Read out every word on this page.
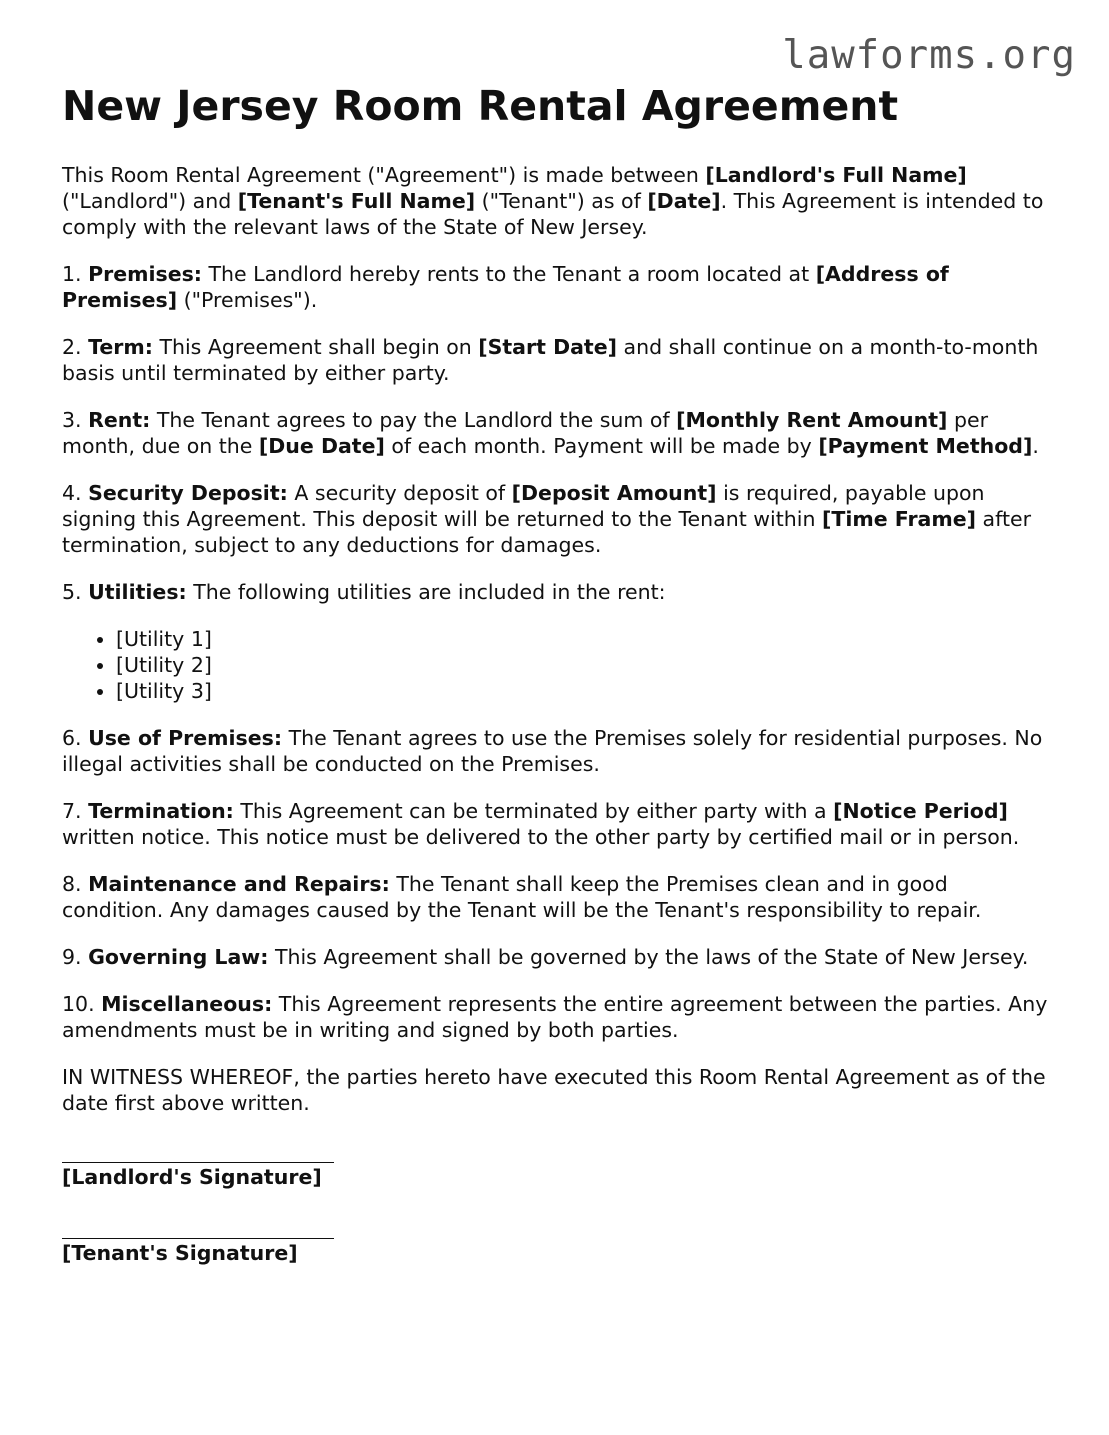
lawforms.org
New Jersey Room Rental Agreement

This Room Rental Agreement ("Agreement") is made between [Landlord's Full Name] ("Landlord") and [Tenant's Full Name] ("Tenant") as of [Date]. This Agreement is intended to comply with the relevant laws of the State of New Jersey.

1. Premises: The Landlord hereby rents to the Tenant a room located at [Address of Premises] ("Premises").

2. Term: This Agreement shall begin on [Start Date] and shall continue on a month-to-month basis until terminated by either party.

3. Rent: The Tenant agrees to pay the Landlord the sum of [Monthly Rent Amount] per month, due on the [Due Date] of each month. Payment will be made by [Payment Method].

4. Security Deposit: A security deposit of [Deposit Amount] is required, payable upon signing this Agreement. This deposit will be returned to the Tenant within [Time Frame] after termination, subject to any deductions for damages.

5. Utilities: The following utilities are included in the rent:

• [Utility 1]
• [Utility 2]
• [Utility 3]

6. Use of Premises: The Tenant agrees to use the Premises solely for residential purposes. No illegal activities shall be conducted on the Premises.

7. Termination: This Agreement can be terminated by either party with a [Notice Period] written notice. This notice must be delivered to the other party by certified mail or in person.

8. Maintenance and Repairs: The Tenant shall keep the Premises clean and in good condition. Any damages caused by the Tenant will be the Tenant's responsibility to repair.

9. Governing Law: This Agreement shall be governed by the laws of the State of New Jersey.

10. Miscellaneous: This Agreement represents the entire agreement between the parties. Any amendments must be in writing and signed by both parties.

IN WITNESS WHEREOF, the parties hereto have executed this Room Rental Agreement as of the date first above written.

[Landlord's Signature]
[Tenant's Signature]
